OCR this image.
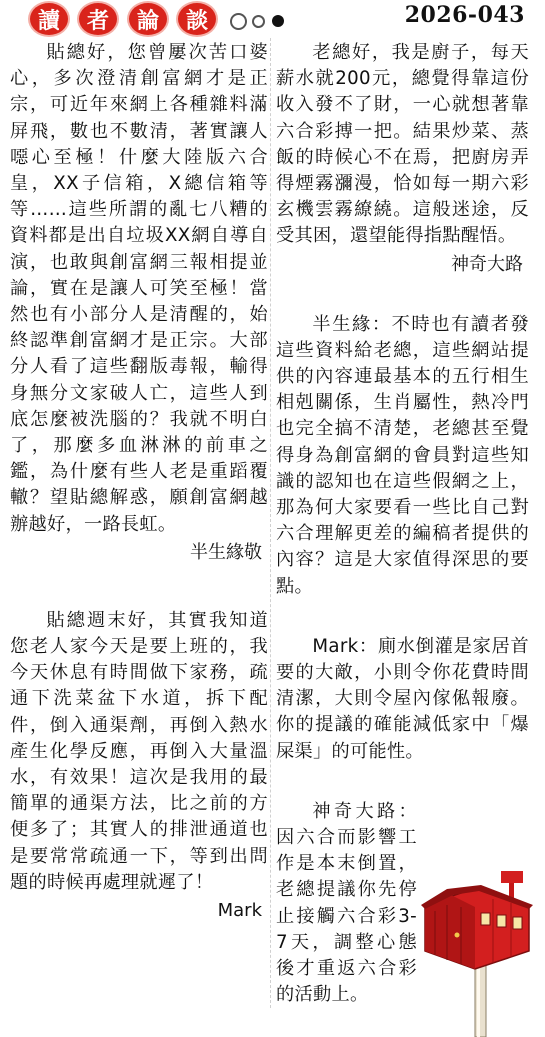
讀	者	論	談	2026-043

貼總好，您曾屢次苦口婆心，多次澄清創富網才是正宗，可近年來網上各種雜料滿屏飛，數也不數清，著實讓人噁心至極！什麼大陸版六合皇，XX子信箱，X總信箱等等……這些所謂的亂七八糟的資料都是出自垃圾XX網自導自演，也敢與創富網三報相提並論，實在是讓人可笑至極！當然也有小部分人是清醒的，始終認準創富網才是正宗。大部分人看了這些翻版毒報，輸得身無分文家破人亡，這些人到底怎麼被洗腦的？我就不明白了，那麼多血淋淋的前車之鑑，為什麼有些人老是重蹈覆轍？望貼總解惑，願創富網越辦越好，一路長虹。

半生緣敬

貼總週末好，其實我知道您老人家今天是要上班的，我今天休息有時間做下家務，疏通下洗菜盆下水道，拆下配件，倒入通渠劑，再倒入熱水產生化學反應，再倒入大量溫水，有效果！這次是我用的最簡單的通渠方法，比之前的方便多了；其實人的排泄通道也是要常常疏通一下，等到出問題的時候再處理就遲了！

Mark

老總好，我是廚子，每天薪水就200元，總覺得靠這份收入發不了財，一心就想著靠六合彩搏一把。結果炒菜、蒸飯的時候心不在焉，把廚房弄得煙霧瀰漫，恰如每一期六彩玄機雲霧繚繞。這般迷途，反受其困，還望能得指點醒悟。

神奇大路

半生緣：不時也有讀者發這些資料給老總，這些網站提供的內容連最基本的五行相生相剋關係，生肖屬性，熱冷門也完全搞不清楚，老總甚至覺得身為創富網的會員對這些知識的認知也在這些假網之上，那為何大家要看一些比自己對六合理解更差的編稿者提供的內容？這是大家值得深思的要點。

Mark：廁水倒灌是家居首要的大敵，小則令你花費時間清潔，大則令屋內傢俬報廢。你的提議的確能減低家中「爆屎渠」的可能性。

神奇大路：因六合而影響工作是本末倒置，老總提議你先停止接觸六合彩3-7天，調整心態後才重返六合彩的活動上。
